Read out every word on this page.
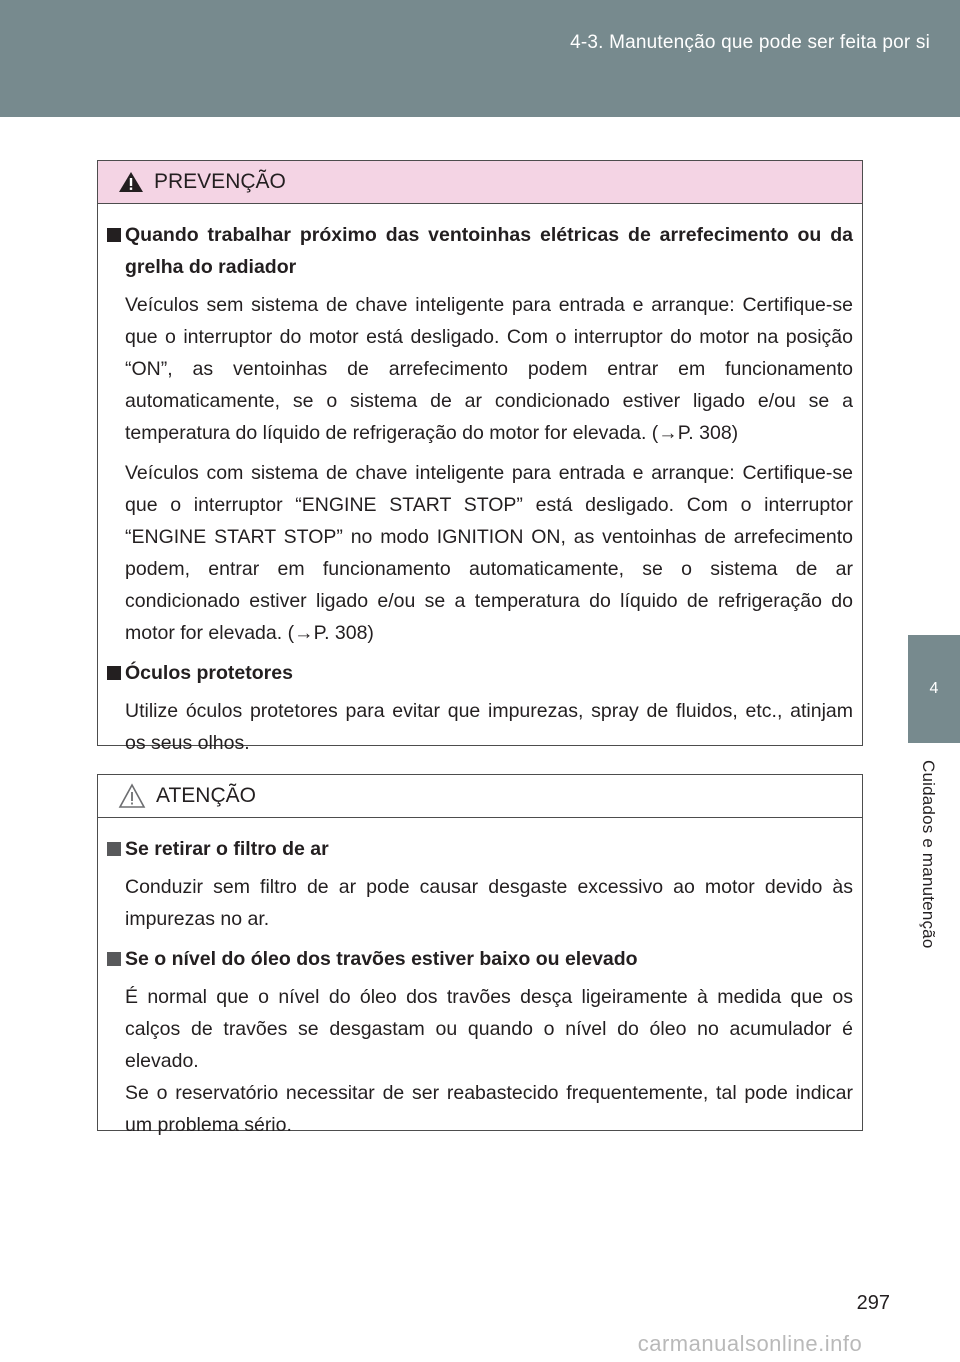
4-3. Manutenção que pode ser feita por si
4
Cuidados e manutenção
PREVENÇÃO
Quando trabalhar próximo das ventoinhas elétricas de arrefecimento ou da grelha do radiador

Veículos sem sistema de chave inteligente para entrada e arranque: Certifique-se que o interruptor do motor está desligado. Com o interruptor do motor na posição “ON”, as ventoinhas de arrefecimento podem entrar em funcionamento automaticamente, se o sistema de ar condicionado estiver ligado e/ou se a temperatura do líquido de refrigeração do motor for elevada. (→P. 308)

Veículos com sistema de chave inteligente para entrada e arranque: Certifique-se que o interruptor “ENGINE START STOP” está desligado. Com o interruptor “ENGINE START STOP” no modo IGNITION ON, as ventoinhas de arrefecimento podem, entrar em funcionamento automaticamente, se o sistema de ar condicionado estiver ligado e/ou se a temperatura do líquido de refrigeração do motor for elevada. (→P. 308)

Óculos protetores

Utilize óculos protetores para evitar que impurezas, spray de fluidos, etc., atinjam os seus olhos.

ATENÇÃO
Se retirar o filtro de ar

Conduzir sem filtro de ar pode causar desgaste excessivo ao motor devido às impurezas no ar.

Se o nível do óleo dos travões estiver baixo ou elevado

É normal que o nível do óleo dos travões desça ligeiramente à medida que os calços de travões se desgastam ou quando o nível do óleo no acumulador é elevado.

Se o reservatório necessitar de ser reabastecido frequentemente, tal pode indicar um problema sério.

297
carmanualsonline.info
